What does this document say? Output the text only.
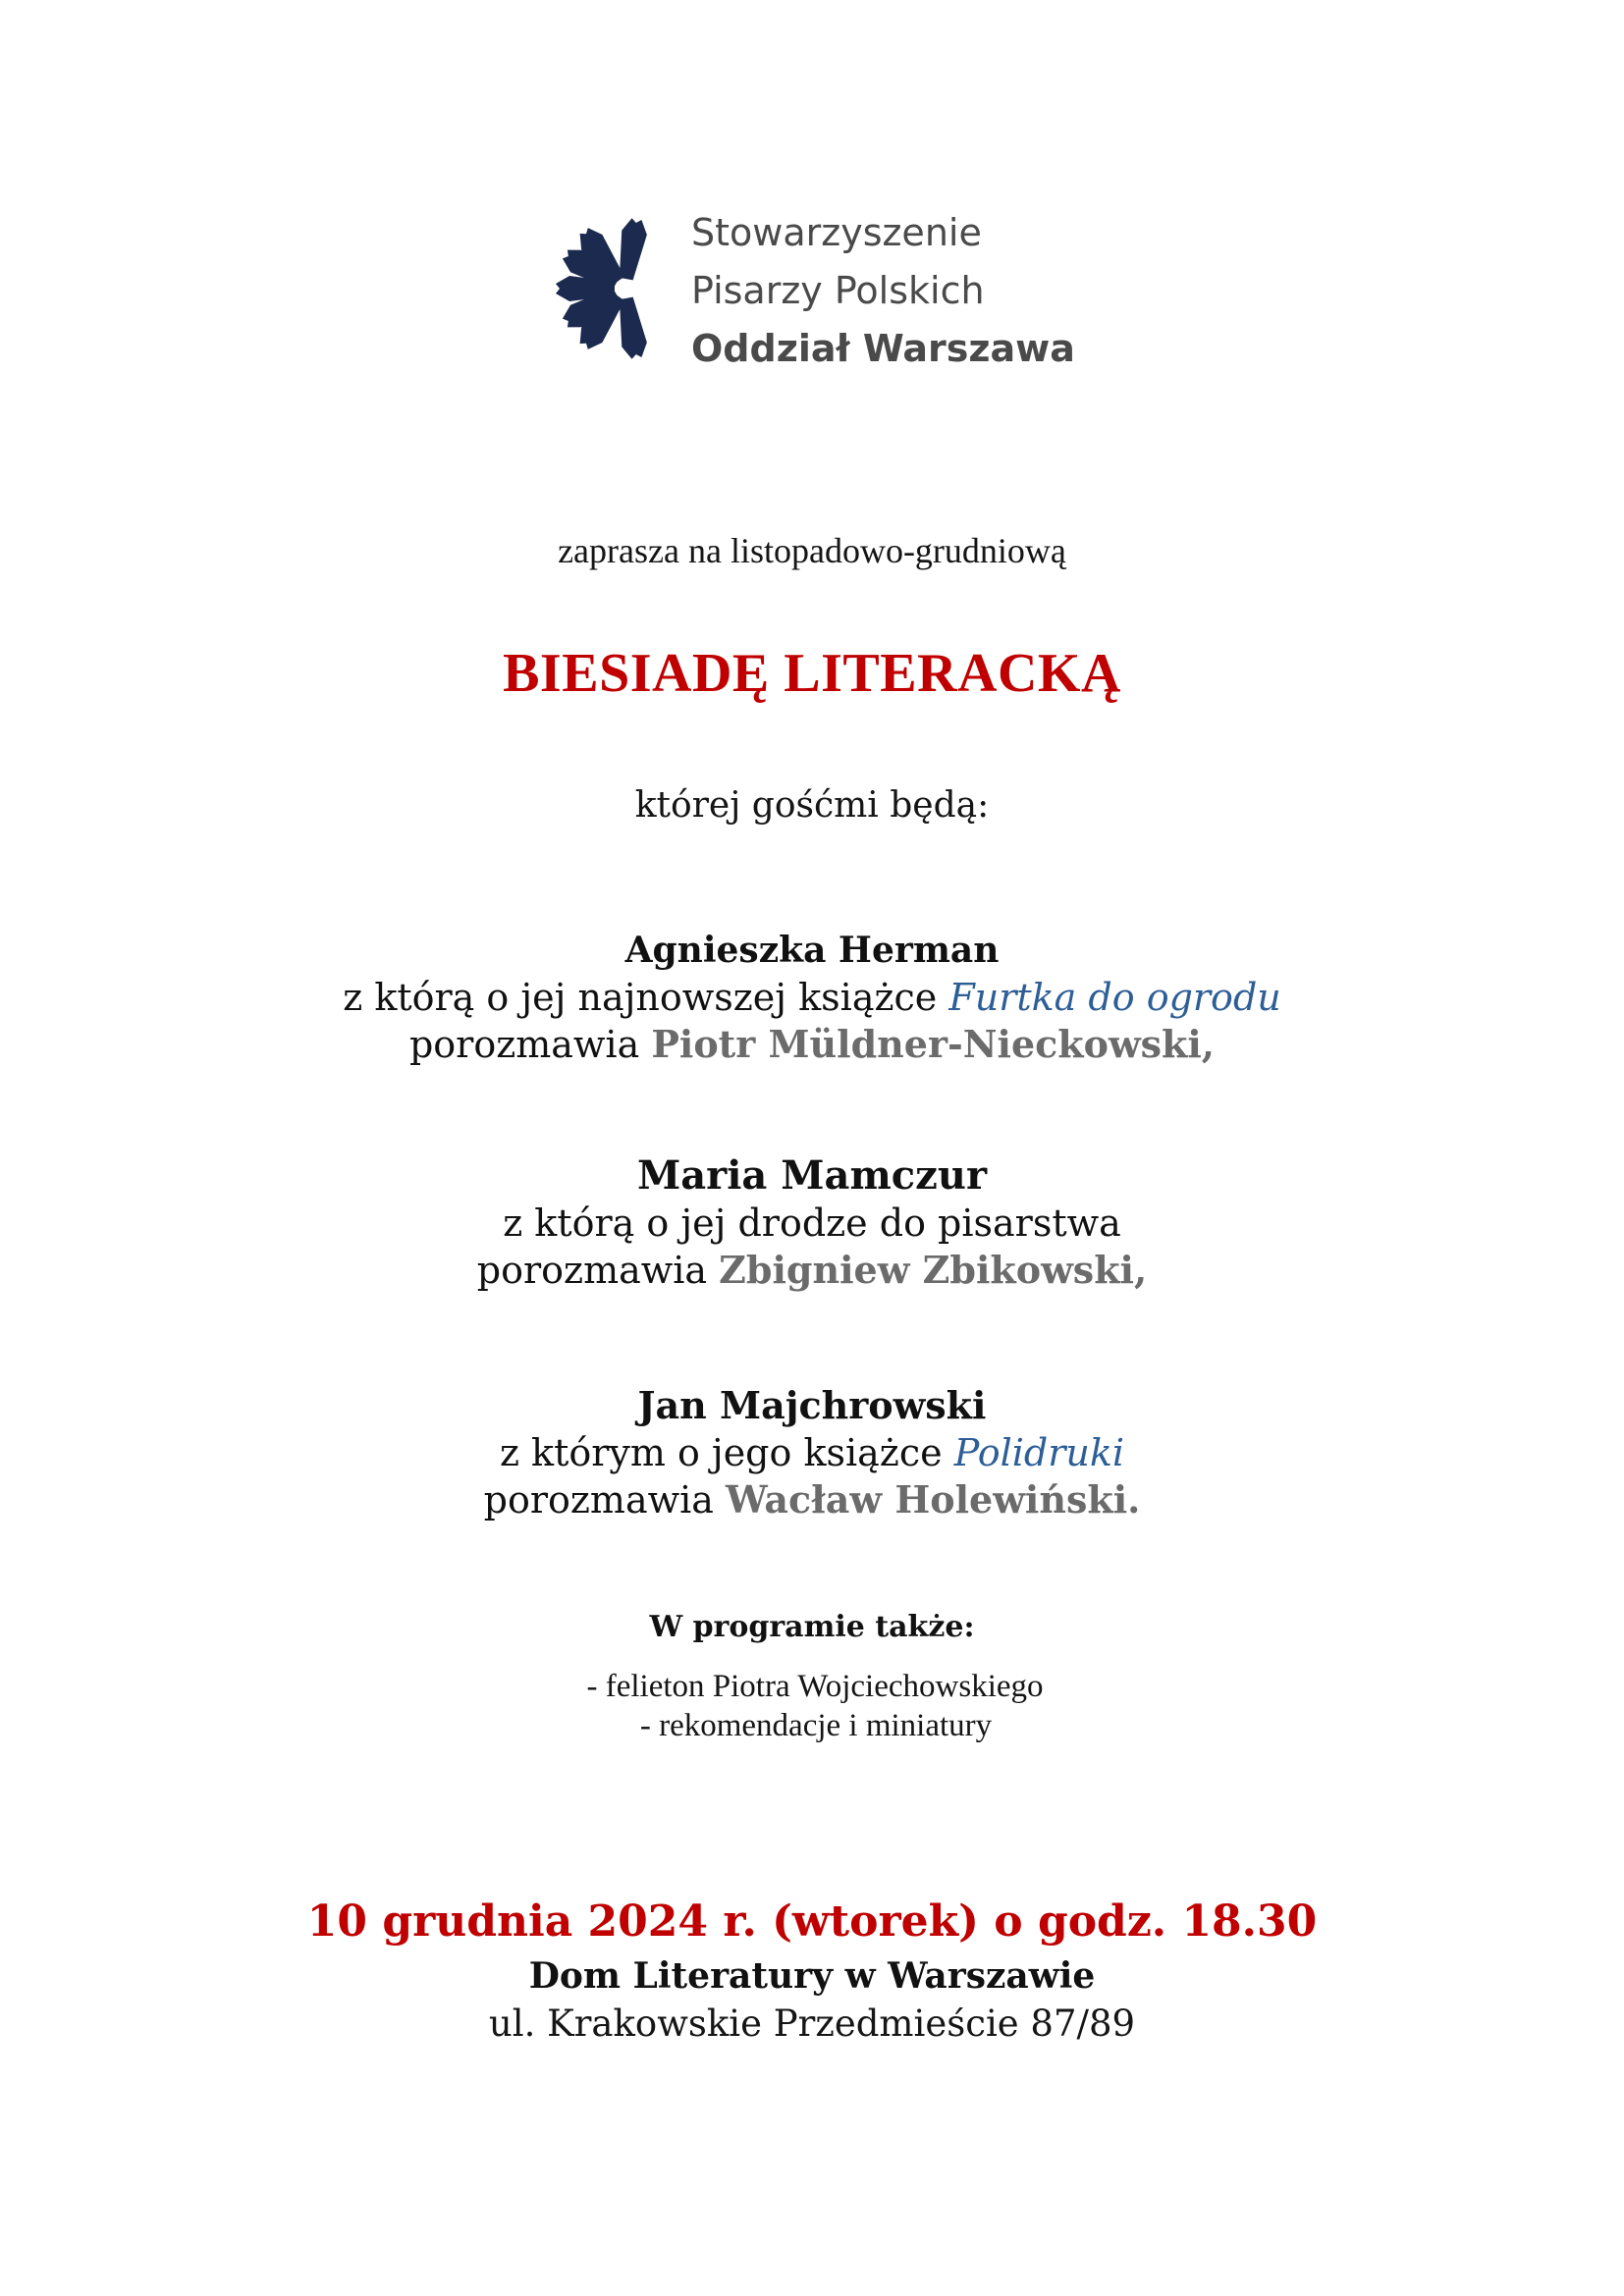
Stowarzyszenie
Pisarzy Polskich
Oddział Warszawa
zaprasza na listopadowo-grudniową
BIESIADĘ LITERACKĄ
której gośćmi będą:
Agnieszka Herman
z którą o jej najnowszej książce Furtka do ogrodu
porozmawia Piotr Müldner-Nieckowski,
Maria Mamczur
z którą o jej drodze do pisarstwa
porozmawia Zbigniew Zbikowski,
Jan Majchrowski
z którym o jego książce Polidruki
porozmawia Wacław Holewiński.
W programie także:
- felieton Piotra Wojciechowskiego
- rekomendacje i miniatury
10 grudnia 2024 r. (wtorek) o godz. 18.30
Dom Literatury w Warszawie
ul. Krakowskie Przedmieście 87/89
